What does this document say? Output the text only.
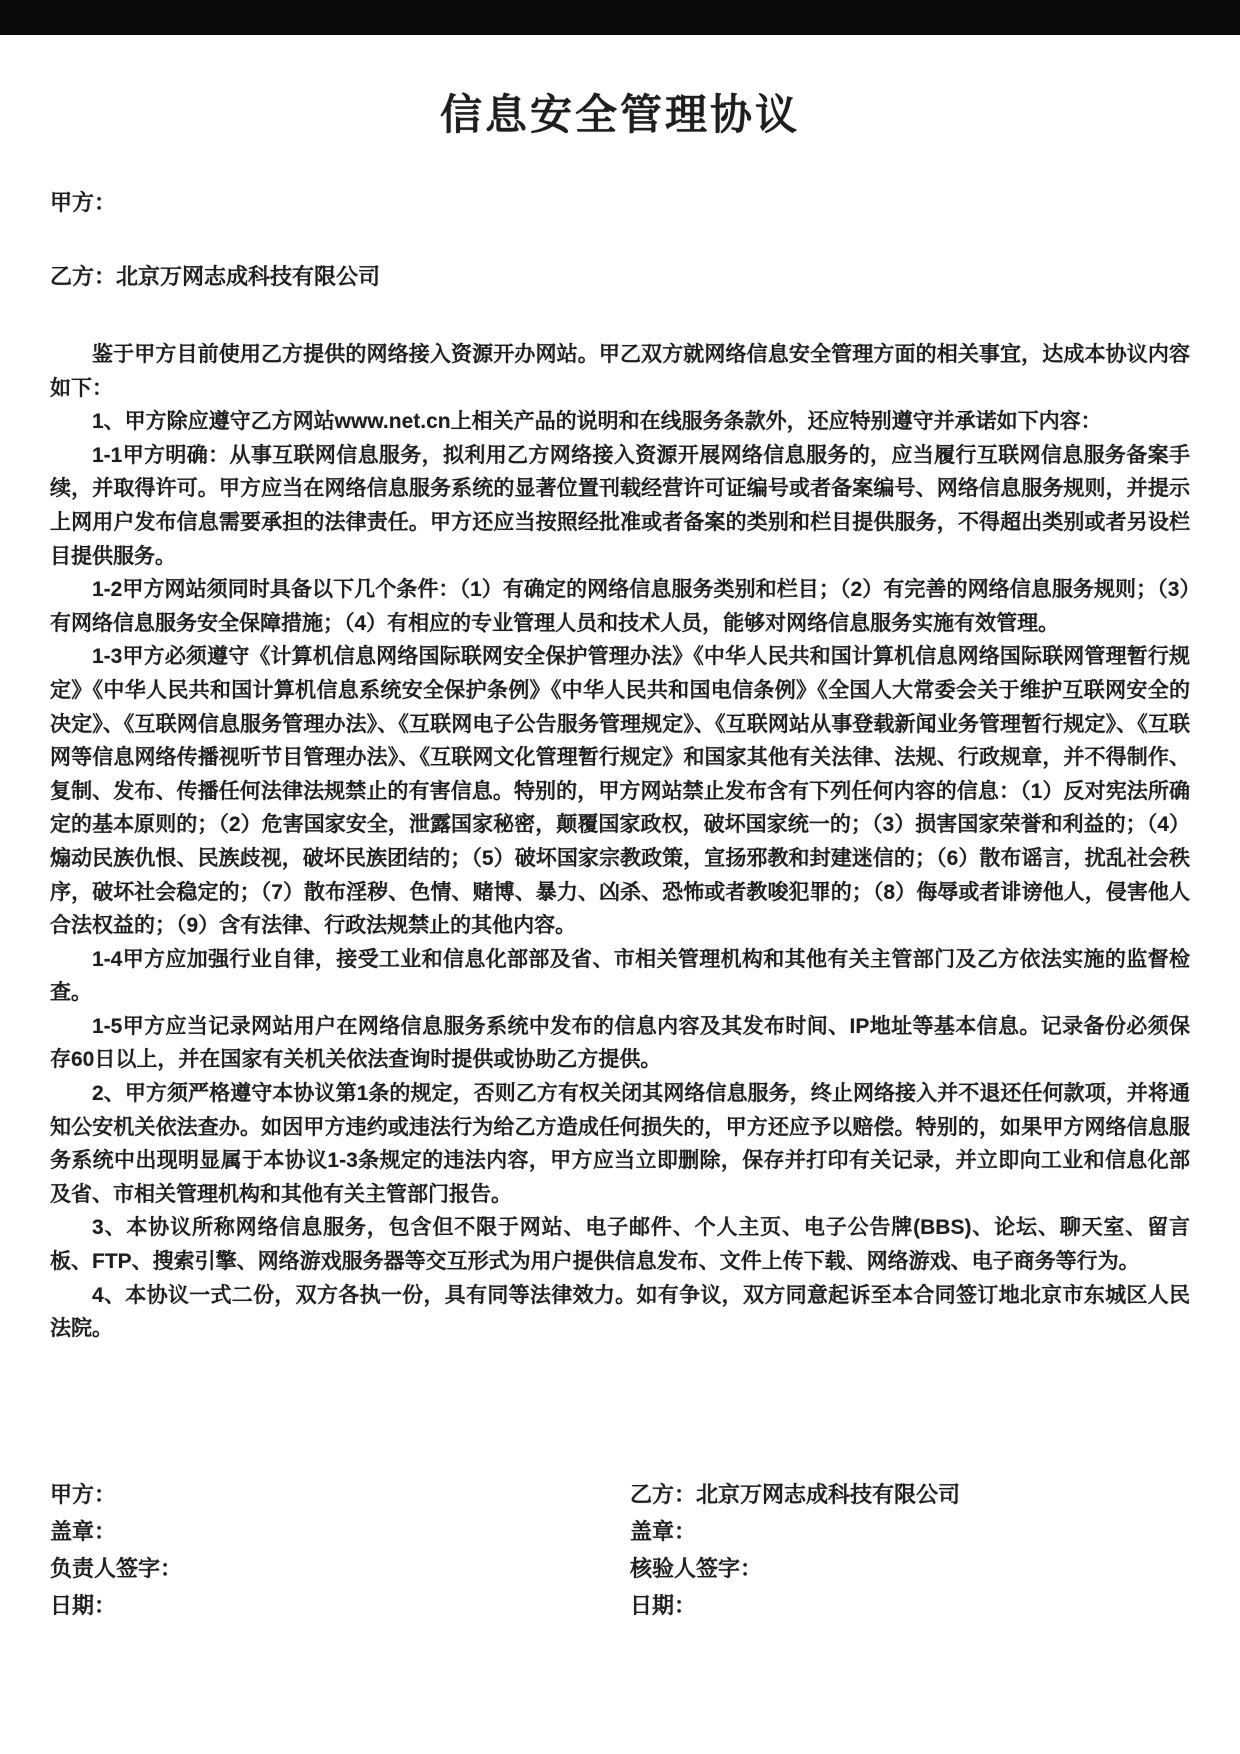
信息安全管理协议

甲方：

乙方：北京万网志成科技有限公司

鉴于甲方目前使用乙方提供的网络接入资源开办网站。甲乙双方就网络信息安全管理方面的相关事宜，达成本协议内容如下：

1、甲方除应遵守乙方网站www.net.cn上相关产品的说明和在线服务条款外，还应特别遵守并承诺如下内容：

1-1甲方明确：从事互联网信息服务，拟利用乙方网络接入资源开展网络信息服务的，应当履行互联网信息服务备案手续，并取得许可。甲方应当在网络信息服务系统的显著位置刊载经营许可证编号或者备案编号、网络信息服务规则，并提示上网用户发布信息需要承担的法律责任。甲方还应当按照经批准或者备案的类别和栏目提供服务，不得超出类别或者另设栏目提供服务。

1-2甲方网站须同时具备以下几个条件：（1）有确定的网络信息服务类别和栏目；（2）有完善的网络信息服务规则；（3）有网络信息服务安全保障措施；（4）有相应的专业管理人员和技术人员，能够对网络信息服务实施有效管理。

1-3甲方必须遵守《计算机信息网络国际联网安全保护管理办法》《中华人民共和国计算机信息网络国际联网管理暂行规定》《中华人民共和国计算机信息系统安全保护条例》《中华人民共和国电信条例》《全国人大常委会关于维护互联网安全的决定》、《互联网信息服务管理办法》、《互联网电子公告服务管理规定》、《互联网站从事登载新闻业务管理暂行规定》、《互联网等信息网络传播视听节目管理办法》、《互联网文化管理暂行规定》和国家其他有关法律、法规、行政规章，并不得制作、复制、发布、传播任何法律法规禁止的有害信息。特别的，甲方网站禁止发布含有下列任何内容的信息：（1）反对宪法所确定的基本原则的；（2）危害国家安全，泄露国家秘密，颠覆国家政权，破坏国家统一的；（3）损害国家荣誉和利益的；（4）煽动民族仇恨、民族歧视，破坏民族团结的；（5）破坏国家宗教政策，宣扬邪教和封建迷信的；（6）散布谣言，扰乱社会秩序，破坏社会稳定的；（7）散布淫秽、色情、赌博、暴力、凶杀、恐怖或者教唆犯罪的；（8）侮辱或者诽谤他人，侵害他人合法权益的；（9）含有法律、行政法规禁止的其他内容。

1-4甲方应加强行业自律，接受工业和信息化部部及省、市相关管理机构和其他有关主管部门及乙方依法实施的监督检查。

1-5甲方应当记录网站用户在网络信息服务系统中发布的信息内容及其发布时间、IP地址等基本信息。记录备份必须保存60日以上，并在国家有关机关依法查询时提供或协助乙方提供。

2、甲方须严格遵守本协议第1条的规定，否则乙方有权关闭其网络信息服务，终止网络接入并不退还任何款项，并将通知公安机关依法查办。如因甲方违约或违法行为给乙方造成任何损失的，甲方还应予以赔偿。特别的，如果甲方网络信息服务系统中出现明显属于本协议1-3条规定的违法内容，甲方应当立即删除，保存并打印有关记录，并立即向工业和信息化部及省、市相关管理机构和其他有关主管部门报告。

3、本协议所称网络信息服务，包含但不限于网站、电子邮件、个人主页、电子公告牌(BBS)、论坛、聊天室、留言板、FTP、搜索引擎、网络游戏服务器等交互形式为用户提供信息发布、文件上传下载、网络游戏、电子商务等行为。

4、本协议一式二份，双方各执一份，具有同等法律效力。如有争议，双方同意起诉至本合同签订地北京市东城区人民法院。

甲方：

盖章：

负责人签字：

日期：

乙方：北京万网志成科技有限公司

盖章：

核验人签字：

日期：
